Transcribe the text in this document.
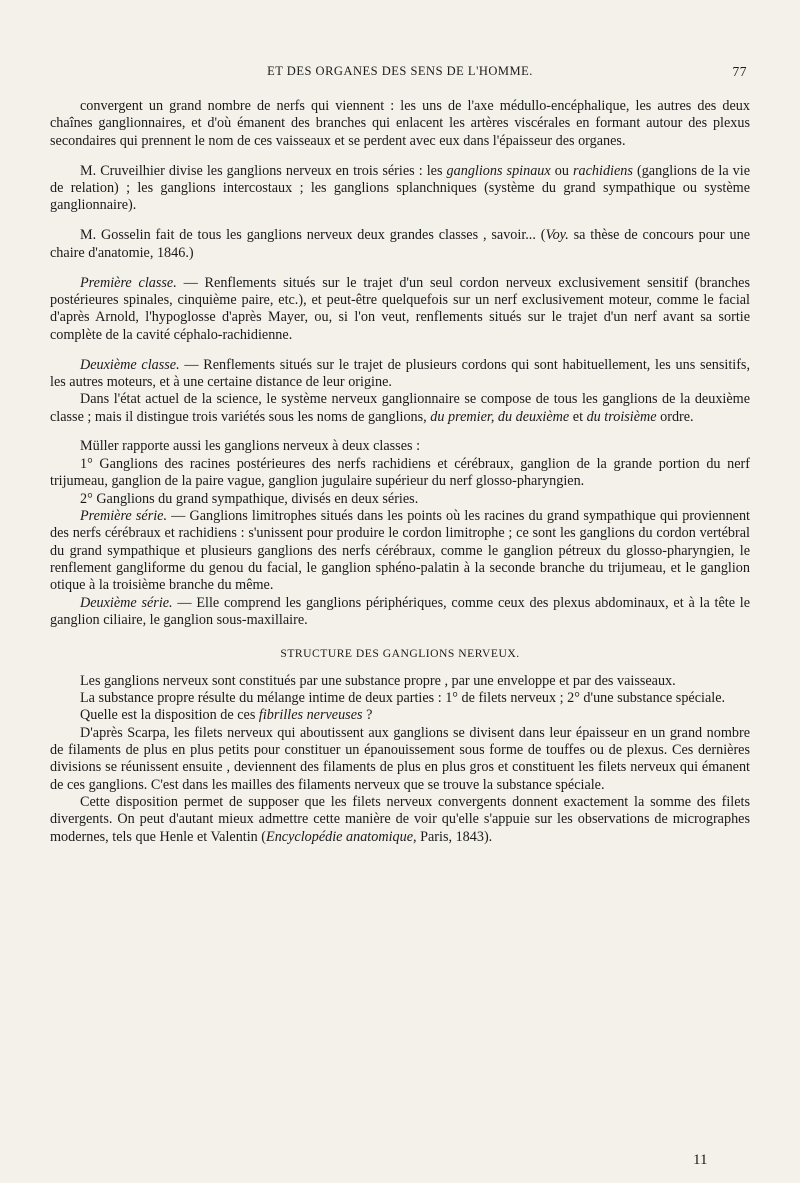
ET DES ORGANES DES SENS DE L'HOMME.	77

convergent un grand nombre de nerfs qui viennent : les uns de l'axe médullo-encéphalique, les autres des deux chaînes ganglionnaires, et d'où émanent des branches qui enlacent les artères viscérales en formant autour des plexus secondaires qui prennent le nom de ces vaisseaux et se perdent avec eux dans l'épaisseur des organes.

M. Cruveilhier divise les ganglions nerveux en trois séries : les ganglions spinaux ou rachidiens (ganglions de la vie de relation) ; les ganglions intercostaux ; les ganglions splanchniques (système du grand sympathique ou système ganglionnaire).

M. Gosselin fait de tous les ganglions nerveux deux grandes classes , savoir... (Voy. sa thèse de concours pour une chaire d'anatomie, 1846.)

Première classe. — Renflements situés sur le trajet d'un seul cordon nerveux exclusivement sensitif (branches postérieures spinales, cinquième paire, etc.), et peut-être quelquefois sur un nerf exclusivement moteur, comme le facial d'après Arnold, l'hypoglosse d'après Mayer, ou, si l'on veut, renflements situés sur le trajet d'un nerf avant sa sortie complète de la cavité céphalo-rachidienne.

Deuxième classe. — Renflements situés sur le trajet de plusieurs cordons qui sont habituellement, les uns sensitifs, les autres moteurs, et à une certaine distance de leur origine.

Dans l'état actuel de la science, le système nerveux ganglionnaire se compose de tous les ganglions de la deuxième classe ; mais il distingue trois variétés sous les noms de ganglions, du premier, du deuxième et du troisième ordre.

Müller rapporte aussi les ganglions nerveux à deux classes :

1° Ganglions des racines postérieures des nerfs rachidiens et cérébraux, ganglion de la grande portion du nerf trijumeau, ganglion de la paire vague, ganglion jugulaire supérieur du nerf glosso-pharyngien.

2° Ganglions du grand sympathique, divisés en deux séries.

Première série. — Ganglions limitrophes situés dans les points où les racines du grand sympathique qui proviennent des nerfs cérébraux et rachidiens : s'unissent pour produire le cordon limitrophe ; ce sont les ganglions du cordon vertébral du grand sympathique et plusieurs ganglions des nerfs cérébraux, comme le ganglion pétreux du glosso-pharyngien, le renflement gangliforme du genou du facial, le ganglion sphéno-palatin à la seconde branche du trijumeau, et le ganglion otique à la troisième branche du même.

Deuxième série. — Elle comprend les ganglions périphériques, comme ceux des plexus abdominaux, et à la tête le ganglion ciliaire, le ganglion sous-maxillaire.

STRUCTURE DES GANGLIONS NERVEUX.

Les ganglions nerveux sont constitués par une substance propre , par une enveloppe et par des vaisseaux.

La substance propre résulte du mélange intime de deux parties : 1° de filets nerveux ; 2° d'une substance spéciale.

Quelle est la disposition de ces fibrilles nerveuses ?

D'après Scarpa, les filets nerveux qui aboutissent aux ganglions se divisent dans leur épaisseur en un grand nombre de filaments de plus en plus petits pour constituer un épanouissement sous forme de touffes ou de plexus. Ces dernières divisions se réunissent ensuite , deviennent des filaments de plus en plus gros et constituent les filets nerveux qui émanent de ces ganglions. C'est dans les mailles des filaments nerveux que se trouve la substance spéciale.

Cette disposition permet de supposer que les filets nerveux convergents donnent exactement la somme des filets divergents. On peut d'autant mieux admettre cette manière de voir qu'elle s'appuie sur les observations de micrographes modernes, tels que Henle et Valentin (Encyclopédie anatomique, Paris, 1843).

11
